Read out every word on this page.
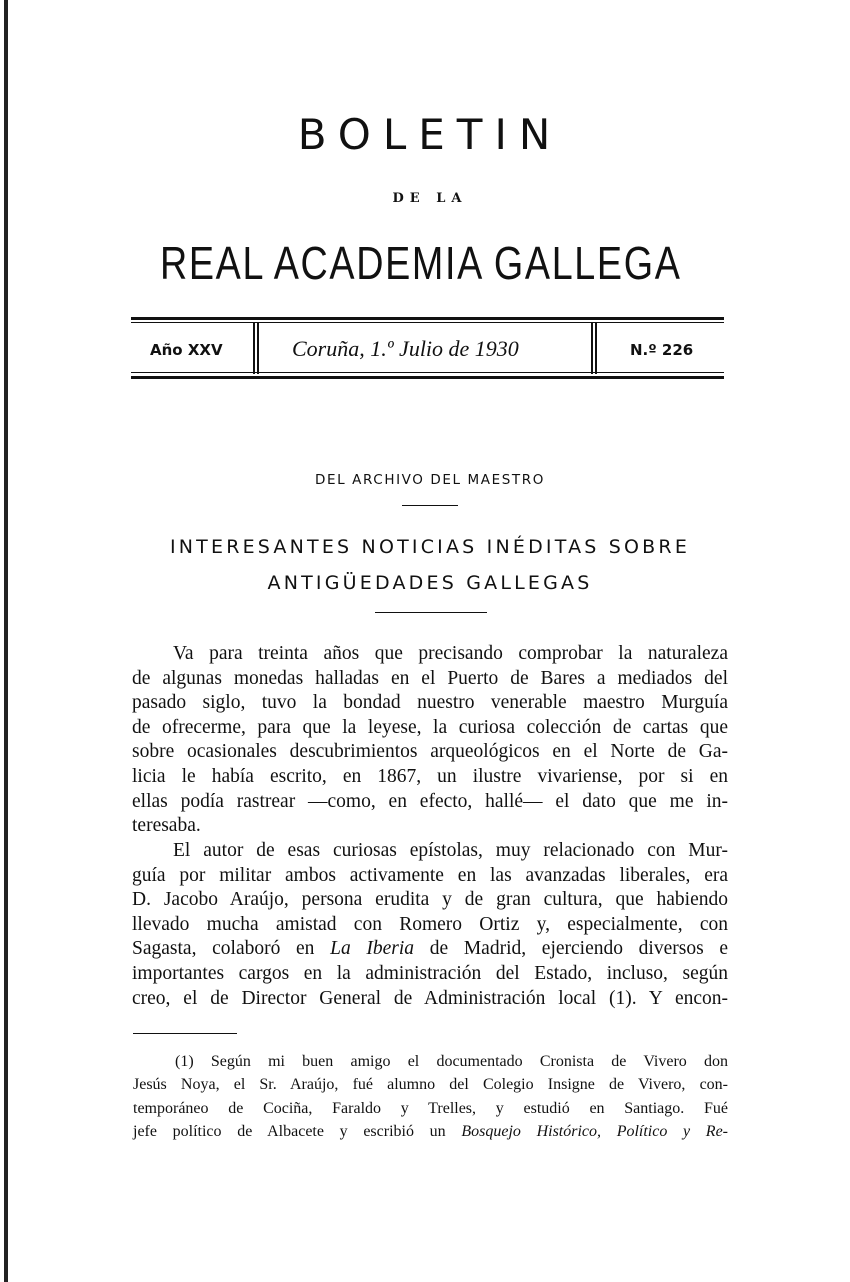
BOLETIN
DE LA
REAL ACADEMIA GALLEGA
Año XXV	Coruña, 1.º Julio de 1930	N.º 226
DEL ARCHIVO DEL MAESTRO
INTERESANTES NOTICIAS INÉDITAS SOBRE
ANTIGÜEDADES GALLEGAS
Va para treinta años que precisando comprobar la naturaleza
de algunas monedas halladas en el Puerto de Bares a mediados del
pasado siglo, tuvo la bondad nuestro venerable maestro Murguía
de ofrecerme, para que la leyese, la curiosa colección de cartas que
sobre ocasionales descubrimientos arqueológicos en el Norte de Ga-
licia le había escrito, en 1867, un ilustre vivariense, por si en
ellas podía rastrear —como, en efecto, hallé— el dato que me in-
teresaba.
El autor de esas curiosas epístolas, muy relacionado con Mur-
guía por militar ambos activamente en las avanzadas liberales, era
D. Jacobo Araújo, persona erudita y de gran cultura, que habiendo
llevado mucha amistad con Romero Ortiz y, especialmente, con
Sagasta, colaboró en La Iberia de Madrid, ejerciendo diversos e
importantes cargos en la administración del Estado, incluso, según
creo, el de Director General de Administración local (1). Y encon-
(1) Según mi buen amigo el documentado Cronista de Vivero don
Jesús Noya, el Sr. Araújo, fué alumno del Colegio Insigne de Vivero, con-
temporáneo de Cociña, Faraldo y Trelles, y estudió en Santiago. Fué
jefe político de Albacete y escribió un Bosquejo Histórico, Político y Re-
